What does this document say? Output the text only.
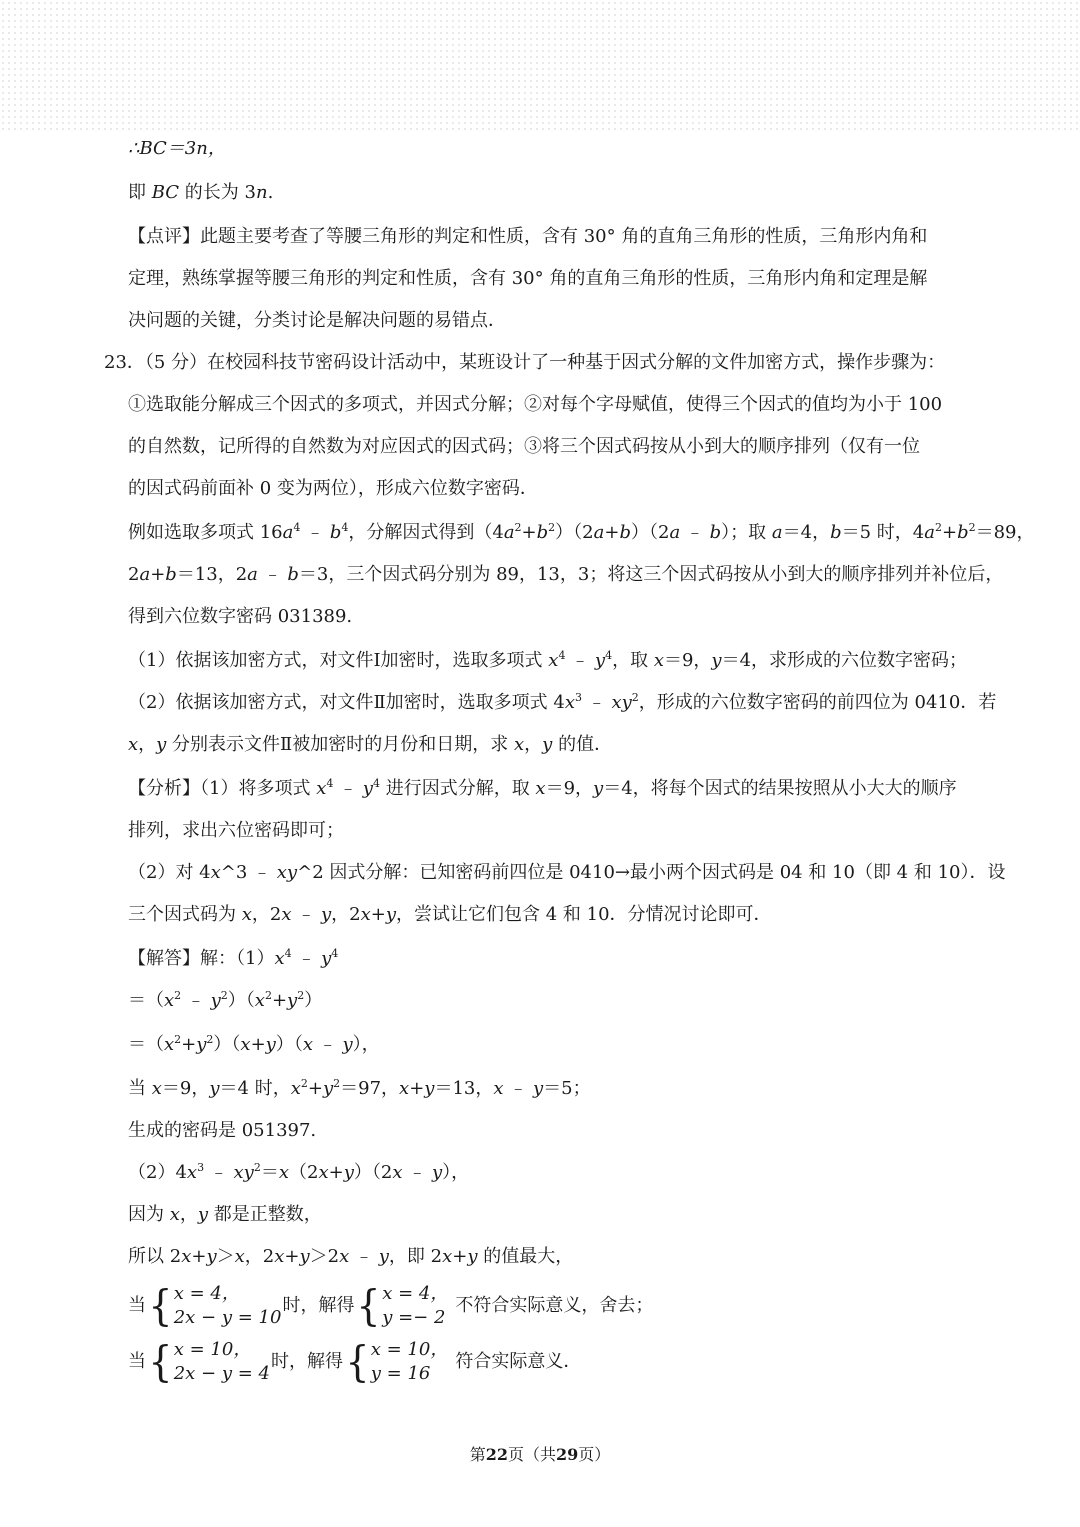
∴BC＝3n，
即 BC 的长为 3n.
【点评】此题主要考查了等腰三角形的判定和性质，含有 30° 角的直角三角形的性质，三角形内角和
定理，熟练掌握等腰三角形的判定和性质，含有 30° 角的直角三角形的性质，三角形内角和定理是解
决问题的关键，分类讨论是解决问题的易错点．
23．（5 分）在校园科技节密码设计活动中，某班设计了一种基于因式分解的文件加密方式，操作步骤为：
①选取能分解成三个因式的多项式，并因式分解；②对每个字母赋值，使得三个因式的值均为小于 100
的自然数，记所得的自然数为对应因式的因式码；③将三个因式码按从小到大的顺序排列（仅有一位
的因式码前面补 0 变为两位），形成六位数字密码．
例如选取多项式 $16a^4$ ﹣ $b^4$，分解因式得到$(4a^2+b^2)(2a+b)(2a$ ﹣ b）；取 a＝4，b＝5 时，$4a^2+b^2=89$，
2a+b＝13，2a ﹣ b＝3，三个因式码分别为 89，13，3；将这三个因式码按从小到大的顺序排列并补位后，
得到六位数字密码 031389.
（1）依据该加密方式，对文件Ⅰ加密时，选取多项式 $x^4$ ﹣ $y^4$，取 x＝9，y＝4，求形成的六位数字密码；
（2）依据该加密方式，对文件Ⅱ加密时，选取多项式 $4x^3$ ﹣ $xy^2$，形成的六位数字密码的前四位为 0410．若
x，y 分别表示文件Ⅱ被加密时的月份和日期，求 x，y 的值．
【分析】（1）将多项式 $x^4$ ﹣ $y^4$ 进行因式分解，取 x＝9，y＝4，将每个因式的结果按照从小大大的顺序
排列，求出六位密码即可；
（2）对 4x^3 ﹣ xy^2 因式分解：已知密码前四位是 0410→最小两个因式码是 04 和 10（即 4 和 10）．设
三个因式码为 x，2x ﹣ y，2x+y，尝试让它们包含 4 和 10．分情况讨论即可．
【解答】解：$(1)x^4$ ﹣ $y^4$
$=(x^2$ ﹣ $y^2)(x^2+y^2)$
$=(x^2+y^2)(x+y)(x$ ﹣ y），
当 x＝9，y＝4 时，$x^2+y^2=97$，x+y＝13，x ﹣ y＝5；
生成的密码是 051397.
$(2)4x^3$ ﹣ $xy^2=x(2x+y)(2x$ ﹣ y），
因为 x，y 都是正整数，
所以 2x+y＞x，2x+y＞2x ﹣ y，即 2x+y 的值最大，
当 { x = 4，
2x − y = 10
时，解得 { x = 4，
y =− 2
不符合实际意义，舍去；
当 { x = 10，
2x − y = 4
时，解得 { x = 10，
y = 16
符合实际意义．
第22页（共29页）
